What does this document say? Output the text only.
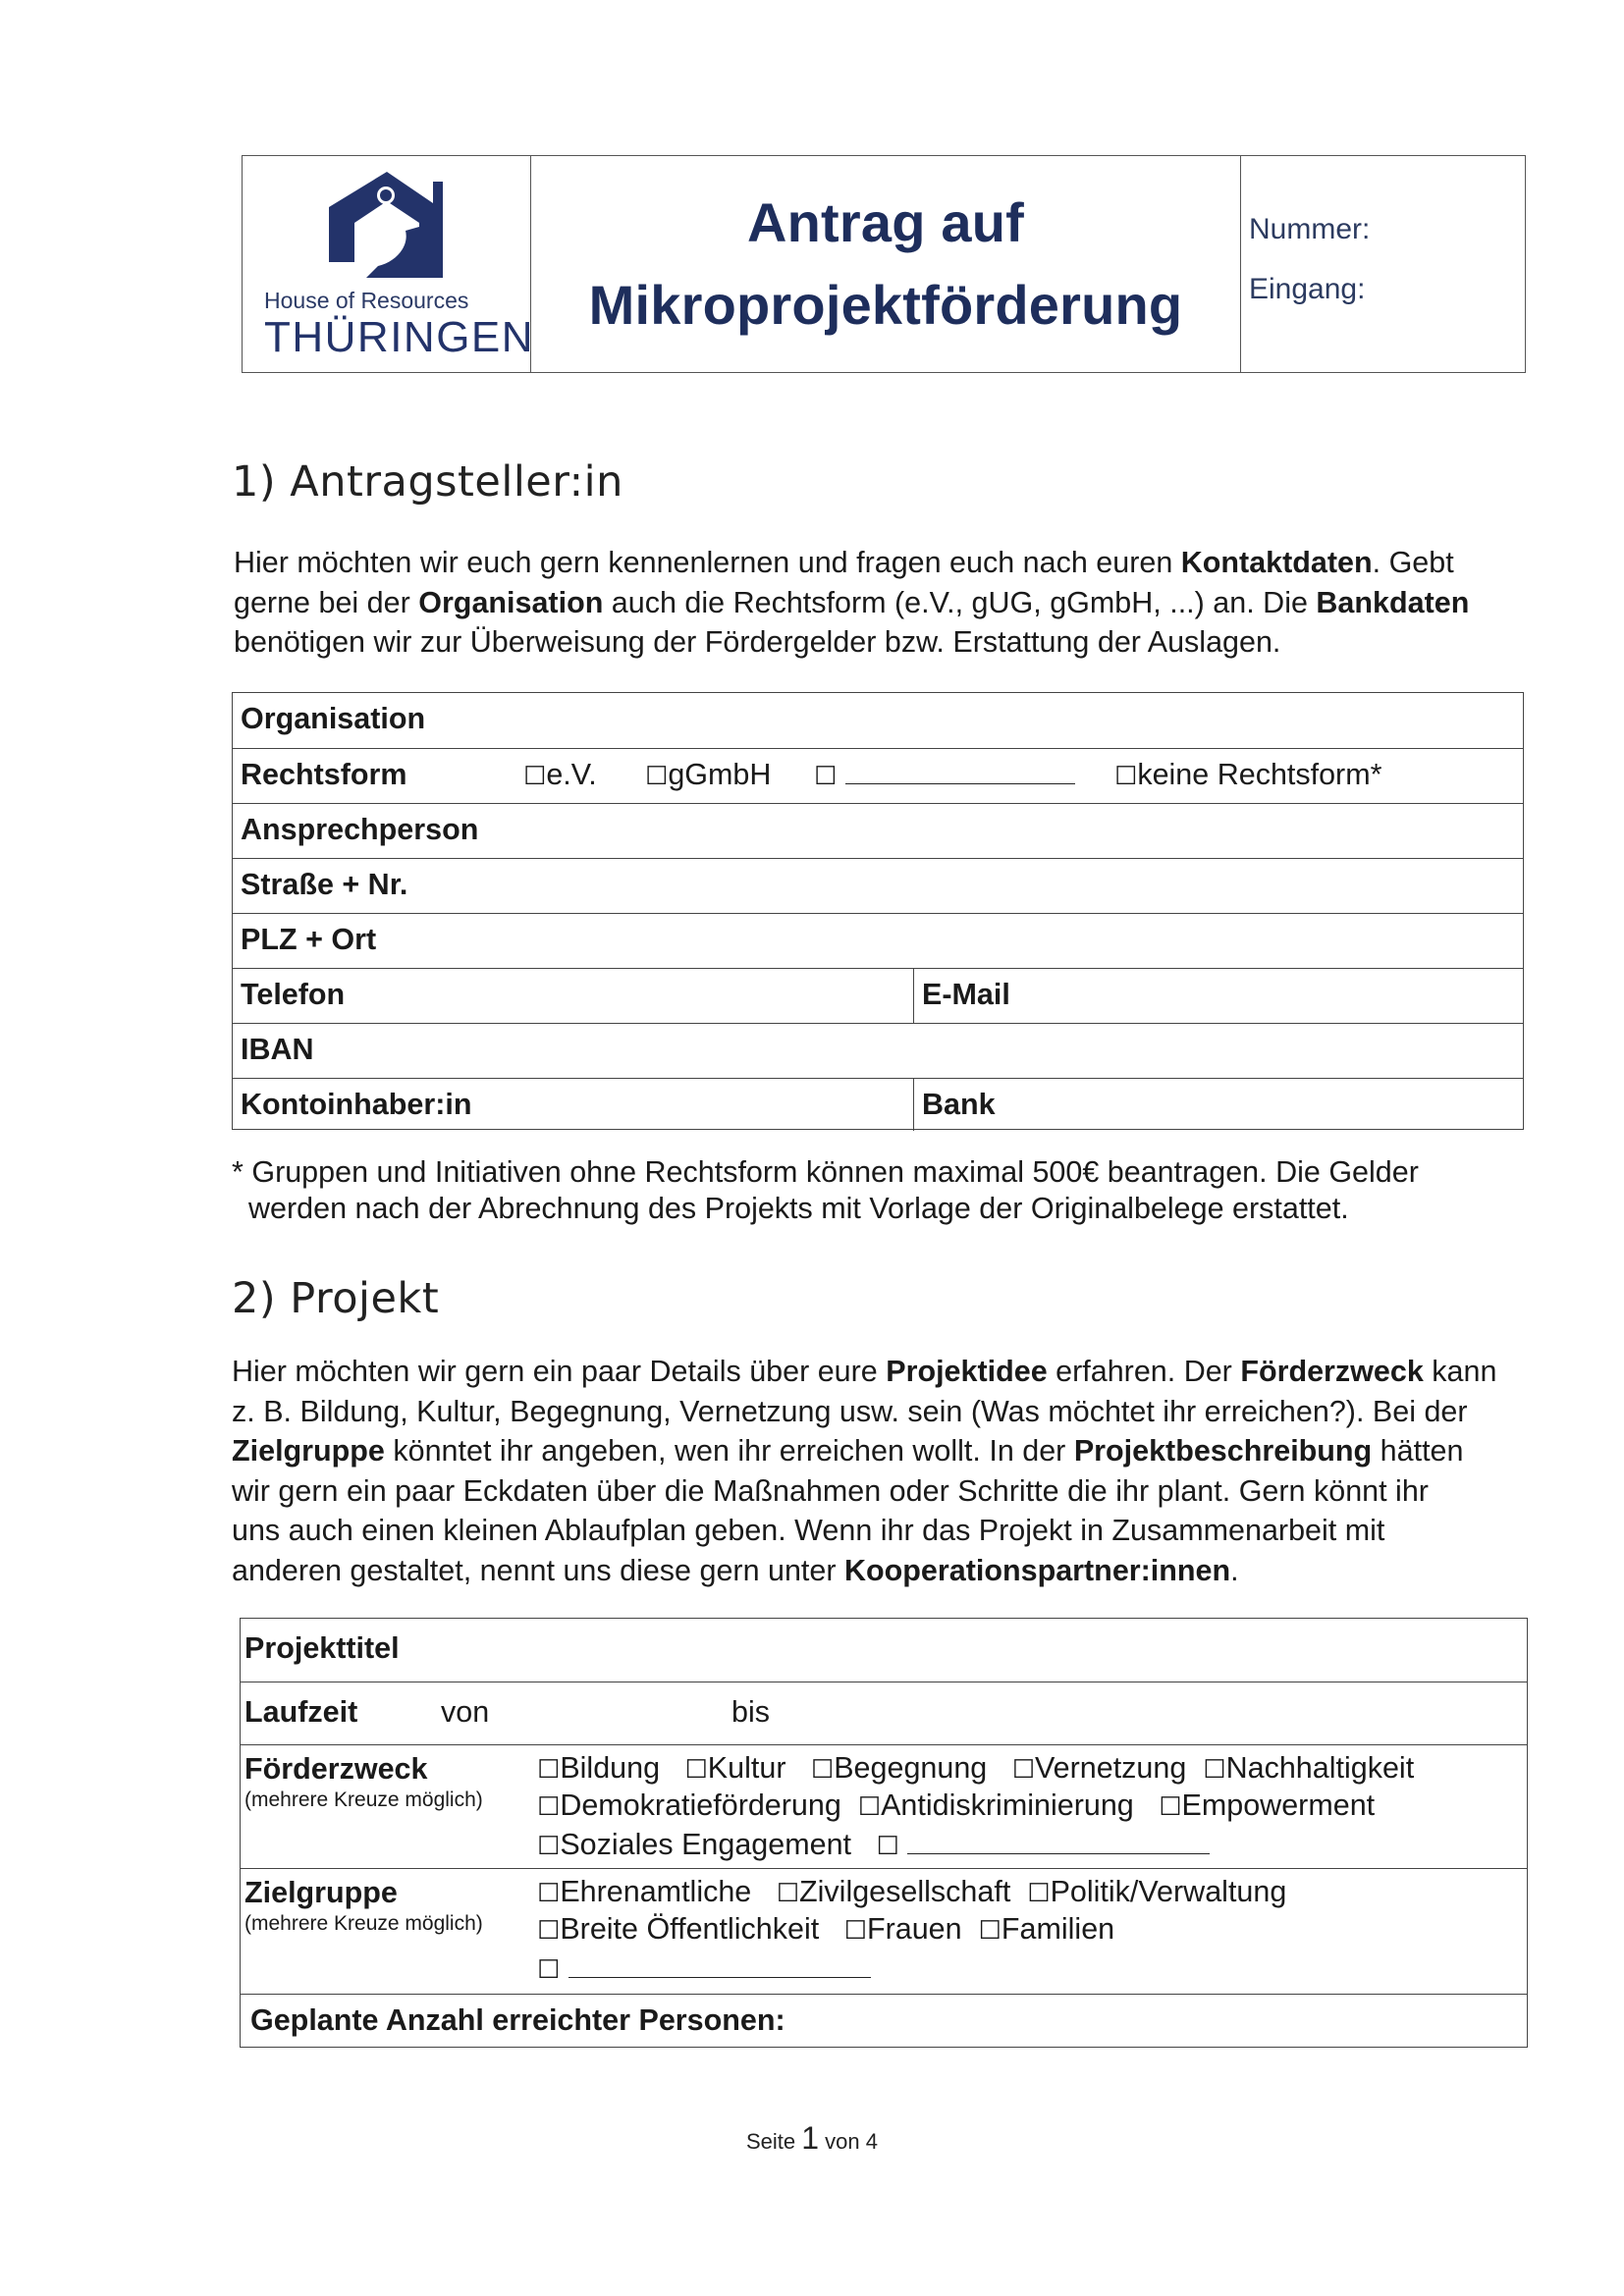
House of Resources
THÜRINGEN
Antrag auf
Mikroprojektförderung
Nummer:
Eingang:
1) Antragsteller:in
Hier möchten wir euch gern kennenlernen und fragen euch nach euren Kontaktdaten. Gebt
gerne bei der Organisation auch die Rechtsform (e.V., gUG, gGmbH, ...) an. Die Bankdaten
benötigen wir zur Überweisung der Fördergelder bzw. Erstattung der Auslagen.
Organisation
Rechtsform	☐e.V. ☐gGmbH ☐	☐keine Rechtsform*
Ansprechperson
Straße + Nr.
PLZ + Ort
Telefon	E-Mail
IBAN
Kontoinhaber:in	Bank
* Gruppen und Initiativen ohne Rechtsform können maximal 500€ beantragen. Die Gelder
werden nach der Abrechnung des Projekts mit Vorlage der Originalbelege erstattet.
2) Projekt
Hier möchten wir gern ein paar Details über eure Projektidee erfahren. Der Förderzweck kann
z. B. Bildung, Kultur, Begegnung, Vernetzung usw. sein (Was möchtet ihr erreichen?). Bei der
Zielgruppe könntet ihr angeben, wen ihr erreichen wollt. In der Projektbeschreibung hätten
wir gern ein paar Eckdaten über die Maßnahmen oder Schritte die ihr plant. Gern könnt ihr
uns auch einen kleinen Ablaufplan geben. Wenn ihr das Projekt in Zusammenarbeit mit
anderen gestaltet, nennt uns diese gern unter Kooperationspartner:innen.
Projekttitel
Laufzeit	von	bis
Förderzweck
(mehrere Kreuze möglich)
☐Bildung ☐Kultur ☐Begegnung ☐Vernetzung ☐Nachhaltigkeit
☐Demokratieförderung ☐Antidiskriminierung ☐Empowerment
☐Soziales Engagement ☐
Zielgruppe
(mehrere Kreuze möglich)
☐Ehrenamtliche ☐Zivilgesellschaft ☐Politik/Verwaltung
☐Breite Öffentlichkeit ☐Frauen ☐Familien
☐
Geplante Anzahl erreichter Personen:
Seite 1 von 4
